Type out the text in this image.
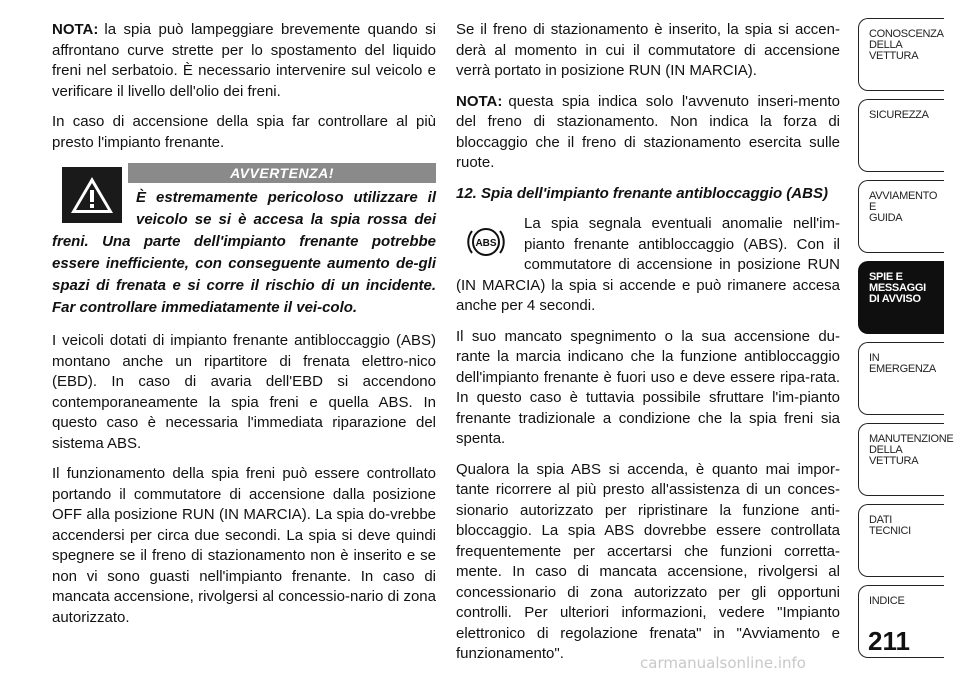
NOTA: la spia può lampeggiare brevemente quando si affrontano curve strette per lo spostamento del liquido freni nel serbatoio. È necessario intervenire sul veicolo e verificare il livello dell'olio dei freni.

In caso di accensione della spia far controllare al più presto l'impianto frenante.

AVVERTENZA!
È estremamente pericoloso utilizzare il veicolo se si è accesa la spia rossa dei freni. Una parte dell'impianto frenante potrebbe essere inefficiente, con conseguente aumento de-gli spazi di frenata e si corre il rischio di un incidente. Far controllare immediatamente il vei-colo.

I veicoli dotati di impianto frenante antibloccaggio (ABS) montano anche un ripartitore di frenata elettro-nico (EBD). In caso di avaria dell'EBD si accendono contemporaneamente la spia freni e quella ABS. In questo caso è necessaria l'immediata riparazione del sistema ABS.

Il funzionamento della spia freni può essere controllato portando il commutatore di accensione dalla posizione OFF alla posizione RUN (IN MARCIA). La spia do-vrebbe accendersi per circa due secondi. La spia si deve quindi spegnere se il freno di stazionamento non è inserito e se non vi sono guasti nell'impianto frenante. In caso di mancata accensione, rivolgersi al concessio-nario di zona autorizzato.

Se il freno di stazionamento è inserito, la spia si accen-derà al momento in cui il commutatore di accensione verrà portato in posizione RUN (IN MARCIA).

NOTA: questa spia indica solo l'avvenuto inseri-mento del freno di stazionamento. Non indica la forza di bloccaggio che il freno di stazionamento esercita sulle ruote.

12. Spia dell'impianto frenante antibloccaggio (ABS)

ABS
La spia segnala eventuali anomalie nell'im-pianto frenante antibloccaggio (ABS). Con il commutatore di accensione in posizione RUN (IN MARCIA) la spia si accende e può rimanere accesa anche per 4 secondi.

Il suo mancato spegnimento o la sua accensione du-rante la marcia indicano che la funzione antibloccaggio dell'impianto frenante è fuori uso e deve essere ripa-rata. In questo caso è tuttavia possibile sfruttare l'im-pianto frenante tradizionale a condizione che la spia freni sia spenta.

Qualora la spia ABS si accenda, è quanto mai impor-tante ricorrere al più presto all'assistenza di un conces-sionario autorizzato per ripristinare la funzione anti-bloccaggio. La spia ABS dovrebbe essere controllata frequentemente per accertarsi che funzioni corretta-mente. In caso di mancata accensione, rivolgersi al concessionario di zona autorizzato per gli opportuni controlli. Per ulteriori informazioni, vedere "Impianto elettronico di regolazione frenata" in "Avviamento e funzionamento".

CONOSCENZA
DELLA
VETTURA
SICUREZZA
AVVIAMENTO
E
GUIDA
SPIE E
MESSAGGI
DI AVVISO
IN
EMERGENZA
MANUTENZIONE
DELLA
VETTURA
DATI
TECNICI
INDICE
211
carmanualsonline.info
